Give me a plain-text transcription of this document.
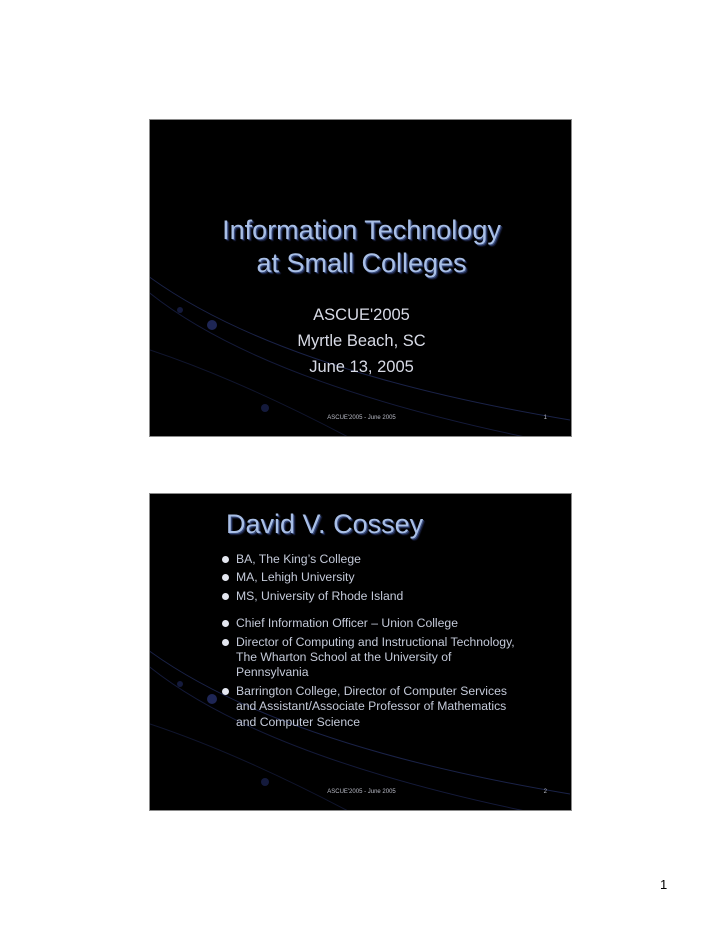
Information Technology
at Small Colleges
ASCUE'2005
Myrtle Beach, SC
June 13, 2005
ASCUE'2005 - June 2005	1
David V. Cossey
BA, The King’s College
MA, Lehigh University
MS, University of Rhode Island
Chief Information Officer – Union College
Director of Computing and Instructional Technology, The Wharton School at the University of Pennsylvania
Barrington College, Director of Computer Services and Assistant/Associate Professor of Mathematics and Computer Science
ASCUE'2005 - June 2005	2
1
